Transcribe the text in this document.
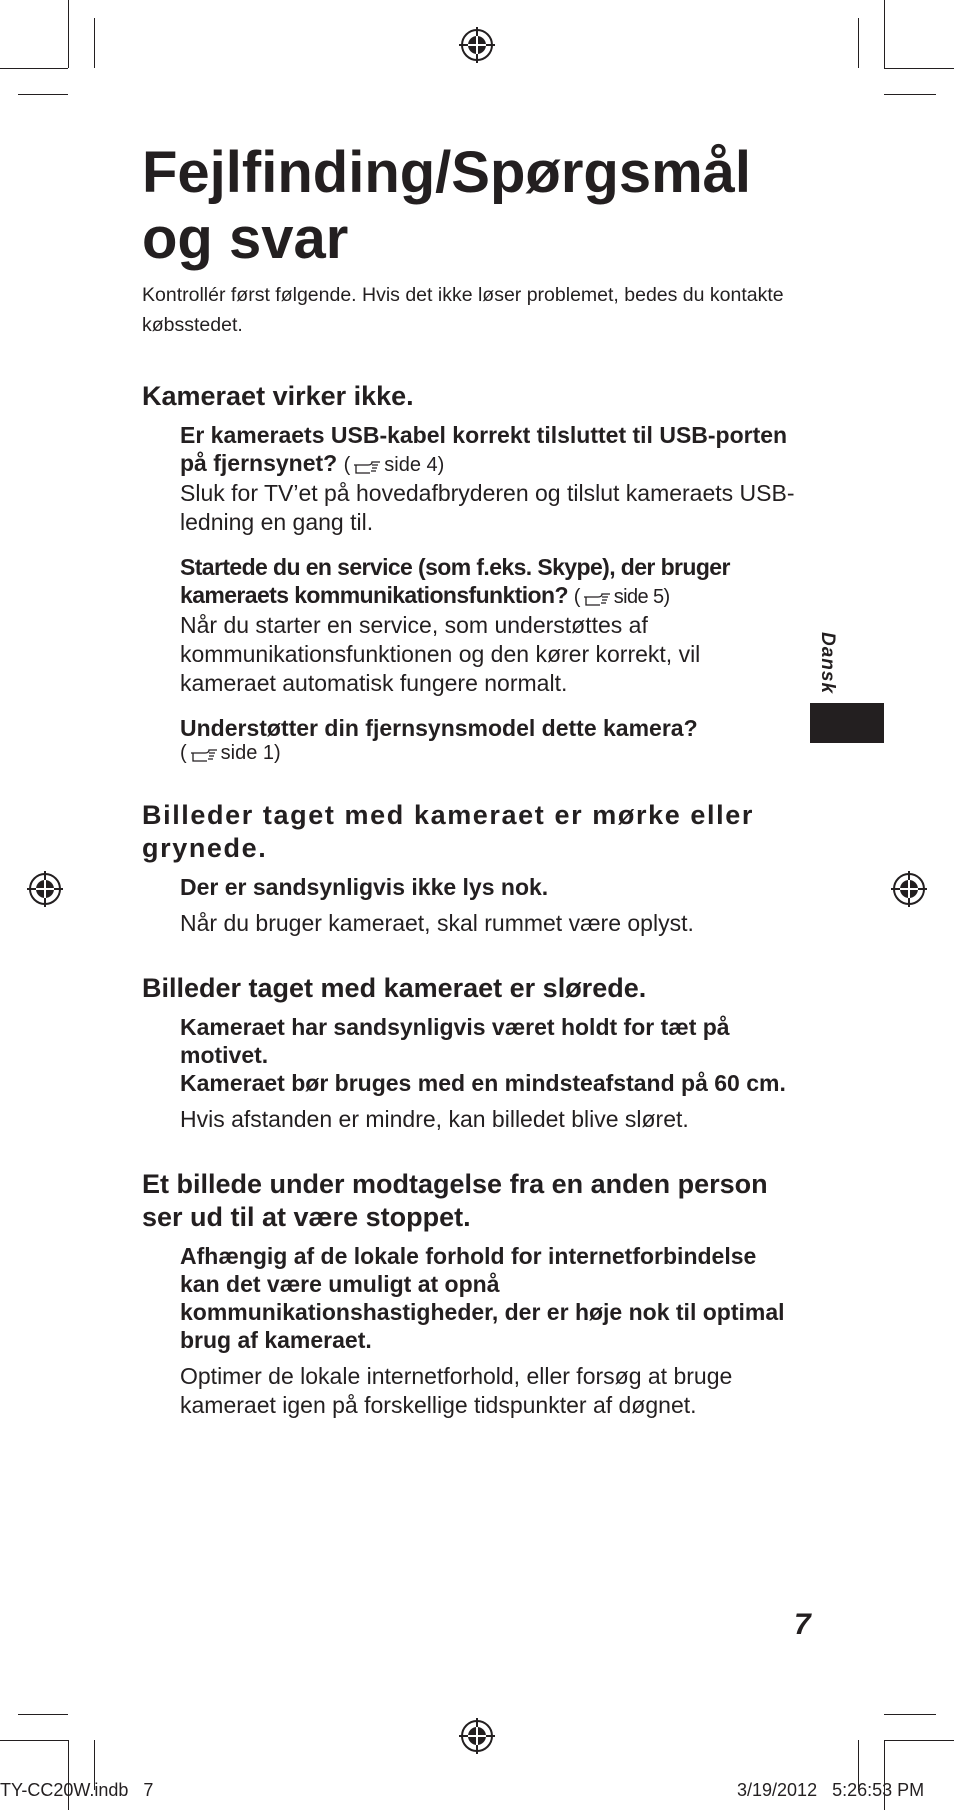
Fejlfinding/Spørgsmål og svar
Kontrollér først følgende. Hvis det ikke løser problemet, bedes du kontakte købsstedet.
Kameraet virker ikke.
Er kameraets USB-kabel korrekt tilsluttet til USB-porten på fjernsynet? ( side 4)
Sluk for TV’et på hovedafbryderen og tilslut kameraets USB-ledning en gang til.
Startede du en service (som f.eks. Skype), der bruger kameraets kommunikationsfunktion? ( side 5)
Når du starter en service, som understøttes af kommunikationsfunktionen og den kører korrekt, vil kameraet automatisk fungere normalt.
Understøtter din fjernsynsmodel dette kamera?
( side 1)
Billeder taget med kameraet er mørke eller grynede.
Der er sandsynligvis ikke lys nok.
Når du bruger kameraet, skal rummet være oplyst.
Billeder taget med kameraet er slørede.
Kameraet har sandsynligvis været holdt for tæt på motivet.
Kameraet bør bruges med en mindsteafstand på 60 cm.
Hvis afstanden er mindre, kan billedet blive sløret.
Et billede under modtagelse fra en anden person ser ud til at være stoppet.
Afhængig af de lokale forhold for internetforbindelse kan det være umuligt at opnå kommunikationshastigheder, der er høje nok til optimal brug af kameraet.
Optimer de lokale internetforhold, eller forsøg at bruge kameraet igen på forskellige tidspunkter af døgnet.
Dansk
7
TY-CC20W.indb   7	3/19/2012   5:26:53 PM
